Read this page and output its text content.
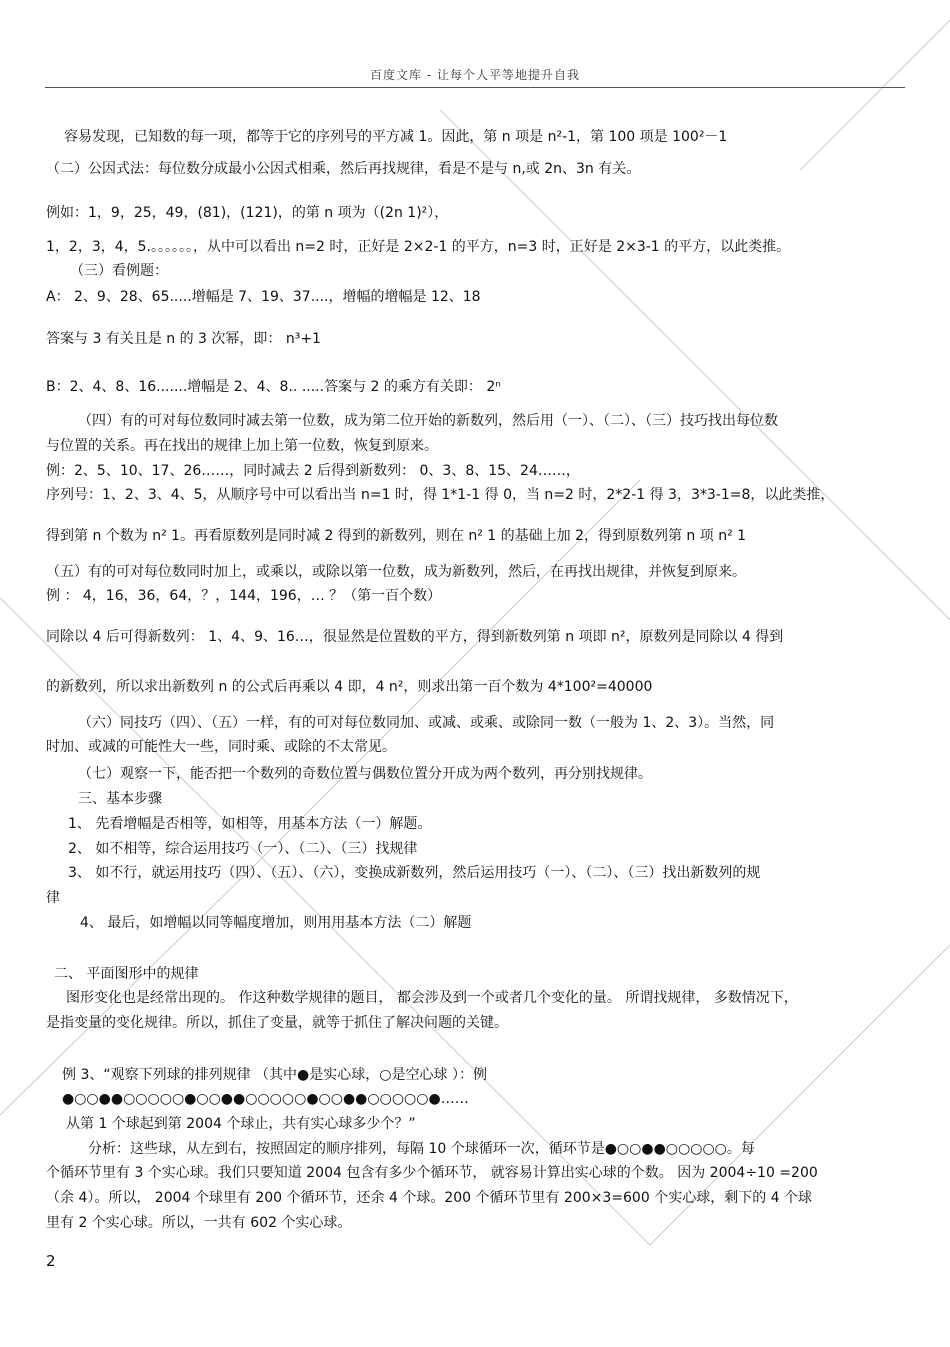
百度文库 - 让每个人平等地提升自我
容易发现，已知数的每一项，都等于它的序列号的平方减 1。因此，第 n 项是 n²-1，第 100 项是 100²－1
（二）公因式法：每位数分成最小公因式相乘，然后再找规律，看是不是与 n,或 2n、3n 有关。
例如：1，9，25，49，(81)，(121)，的第 n 项为（(2n 1)²），
1，2，3，4，5.。。。。。。，从中可以看出 n=2 时，正好是 2×2-1 的平方，n=3 时，正好是 2×3-1 的平方，以此类推。
（三）看例题：
A： 2、9、28、65.....增幅是 7、19、37....，增幅的增幅是 12、18
答案与 3 有关且是 n 的 3 次幂，即： n³+1
B：2、4、8、16.......增幅是 2、4、8.. .....答案与 2 的乘方有关即： 2ⁿ
（四）有的可对每位数同时减去第一位数，成为第二位开始的新数列，然后用（一）、（二）、（三）技巧找出每位数
与位置的关系。再在找出的规律上加上第一位数，恢复到原来。
例：2、5、10、17、26……，同时减去 2 后得到新数列： 0、3、8、15、24……，
序列号：1、2、3、4、5，从顺序号中可以看出当 n=1 时，得 1*1-1 得 0，当 n=2 时，2*2-1 得 3，3*3-1=8，以此类推，
得到第 n 个数为 n² 1。再看原数列是同时减 2 得到的新数列，则在 n² 1 的基础上加 2，得到原数列第 n 项 n² 1
（五）有的可对每位数同时加上，或乘以，或除以第一位数，成为新数列，然后，在再找出规律，并恢复到原来。
例 ： 4，16，36，64，？，144，196，… ？（第一百个数）
同除以 4 后可得新数列： 1、4、9、16…，很显然是位置数的平方，得到新数列第 n 项即 n²，原数列是同除以 4 得到
的新数列，所以求出新数列 n 的公式后再乘以 4 即，4 n²，则求出第一百个数为 4*100²=40000
（六）同技巧（四）、（五）一样，有的可对每位数同加、或减、或乘、或除同一数（一般为 1、2、3）。当然，同
时加、或减的可能性大一些，同时乘、或除的不太常见。
（七）观察一下，能否把一个数列的奇数位置与偶数位置分开成为两个数列，再分别找规律。
三、基本步骤
1、 先看增幅是否相等，如相等，用基本方法（一）解题。
2、 如不相等，综合运用技巧（一）、（二）、（三）找规律
3、 如不行，就运用技巧（四）、（五）、（六），变换成新数列，然后运用技巧（一）、（二）、（三）找出新数列的规
律
4、 最后，如增幅以同等幅度增加，则用用基本方法（二）解题
二、 平面图形中的规律
图形变化也是经常出现的。 作这种数学规律的题目， 都会涉及到一个或者几个变化的量。 所谓找规律， 多数情况下，
是指变量的变化规律。所以，抓住了变量，就等于抓住了解决问题的关键。
例 3、“观察下列球的排列规律 （其中●是实心球，○是空心球 ）：例
●○○●●○○○○○●○○●●○○○○○●○○●●○○○○○●……
从第 1 个球起到第 2004 个球止，共有实心球多少个？”
分析：这些球，从左到右，按照固定的顺序排列，每隔 10 个球循环一次，循环节是●○○●●○○○○○。每
个循环节里有 3 个实心球。我们只要知道 2004 包含有多少个循环节， 就容易计算出实心球的个数。 因为 2004÷10 =200
（余 4）。所以， 2004 个球里有 200 个循环节，还余 4 个球。200 个循环节里有 200×3=600 个实心球，剩下的 4 个球
里有 2 个实心球。所以，一共有 602 个实心球。
2
